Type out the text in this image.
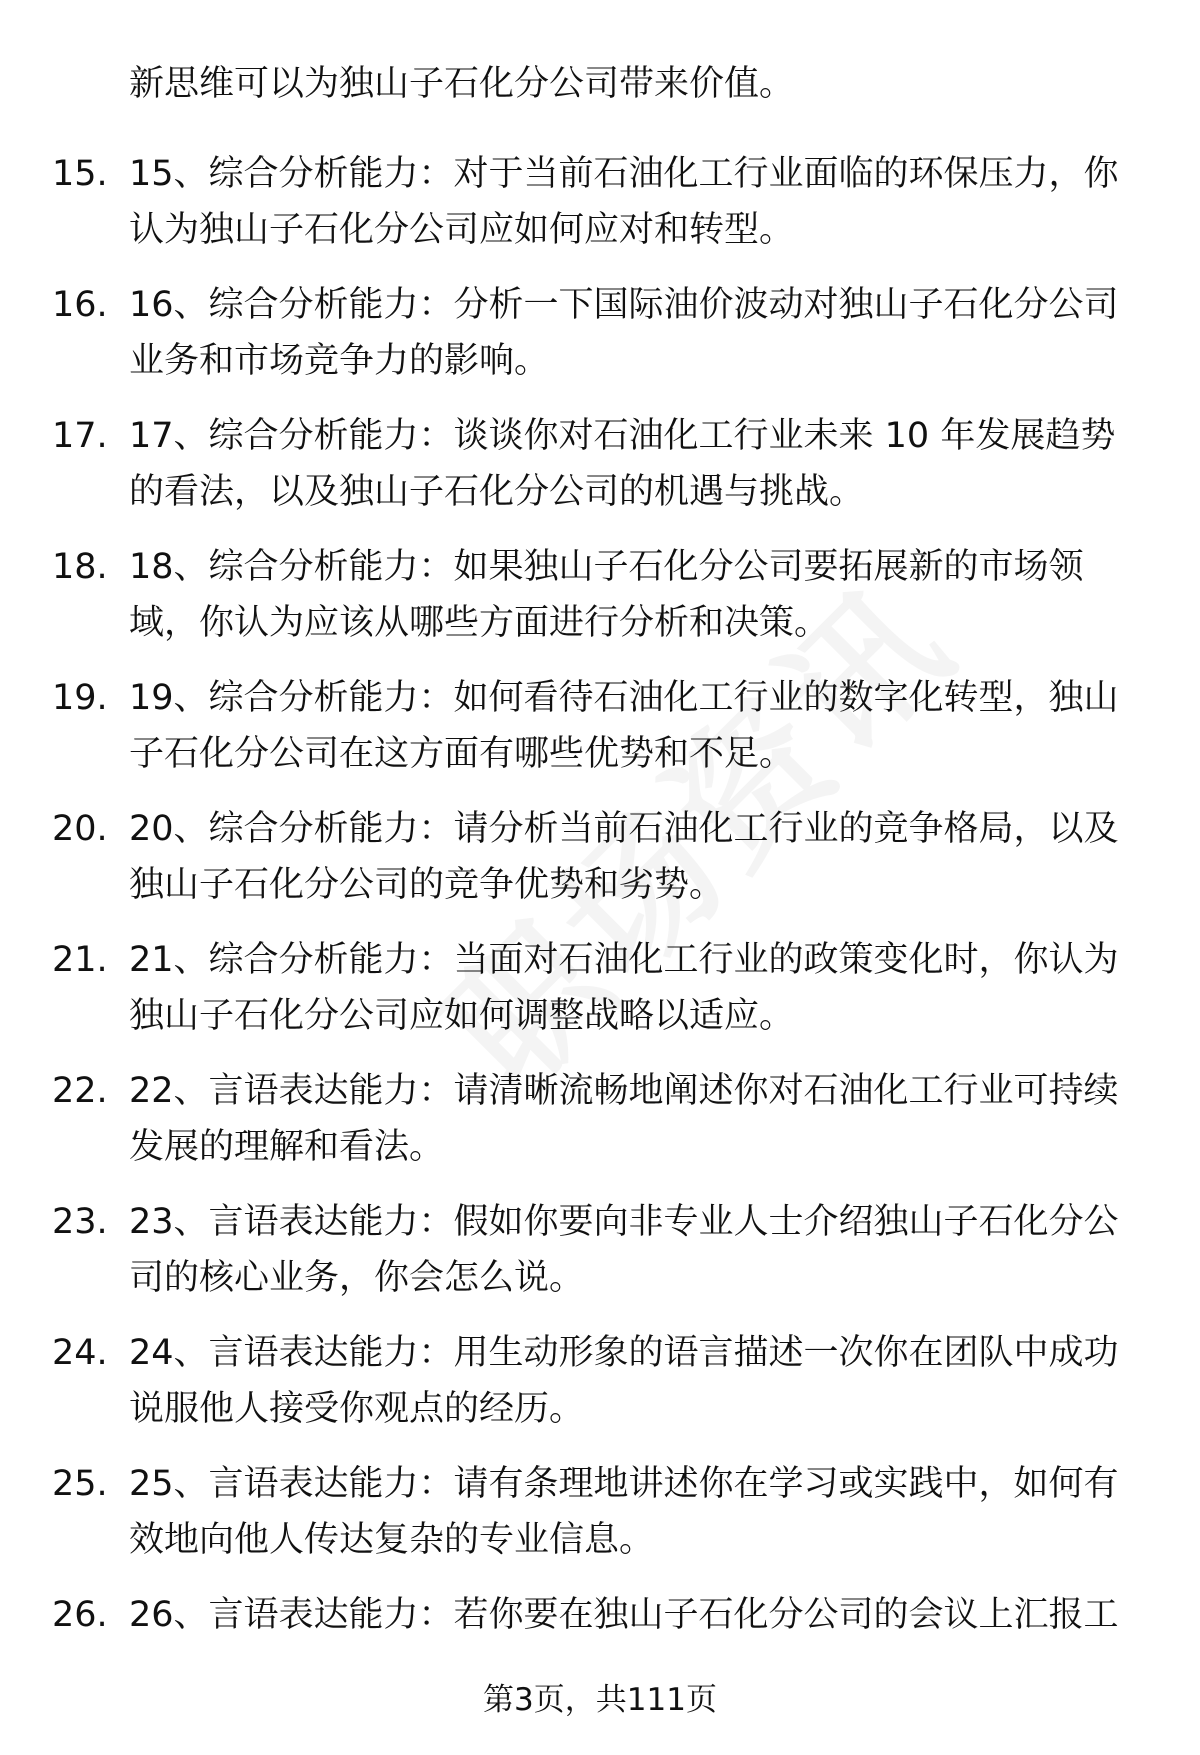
新思维可以为独山子石化分公司带来价值。
15. 15、综合分析能力：对于当前石油化工行业面临的环保压力，你认为独山子石化分公司应如何应对和转型。
16. 16、综合分析能力：分析一下国际油价波动对独山子石化分公司业务和市场竞争力的影响。
17. 17、综合分析能力：谈谈你对石油化工行业未来 10 年发展趋势的看法，以及独山子石化分公司的机遇与挑战。
18. 18、综合分析能力：如果独山子石化分公司要拓展新的市场领域，你认为应该从哪些方面进行分析和决策。
19. 19、综合分析能力：如何看待石油化工行业的数字化转型，独山子石化分公司在这方面有哪些优势和不足。
20. 20、综合分析能力：请分析当前石油化工行业的竞争格局，以及独山子石化分公司的竞争优势和劣势。
21. 21、综合分析能力：当面对石油化工行业的政策变化时，你认为独山子石化分公司应如何调整战略以适应。
22. 22、言语表达能力：请清晰流畅地阐述你对石油化工行业可持续发展的理解和看法。
23. 23、言语表达能力：假如你要向非专业人士介绍独山子石化分公司的核心业务，你会怎么说。
24. 24、言语表达能力：用生动形象的语言描述一次你在团队中成功说服他人接受你观点的经历。
25. 25、言语表达能力：请有条理地讲述你在学习或实践中，如何有效地向他人传达复杂的专业信息。
26. 26、言语表达能力：若你要在独山子石化分公司的会议上汇报工
第3页，共111页
